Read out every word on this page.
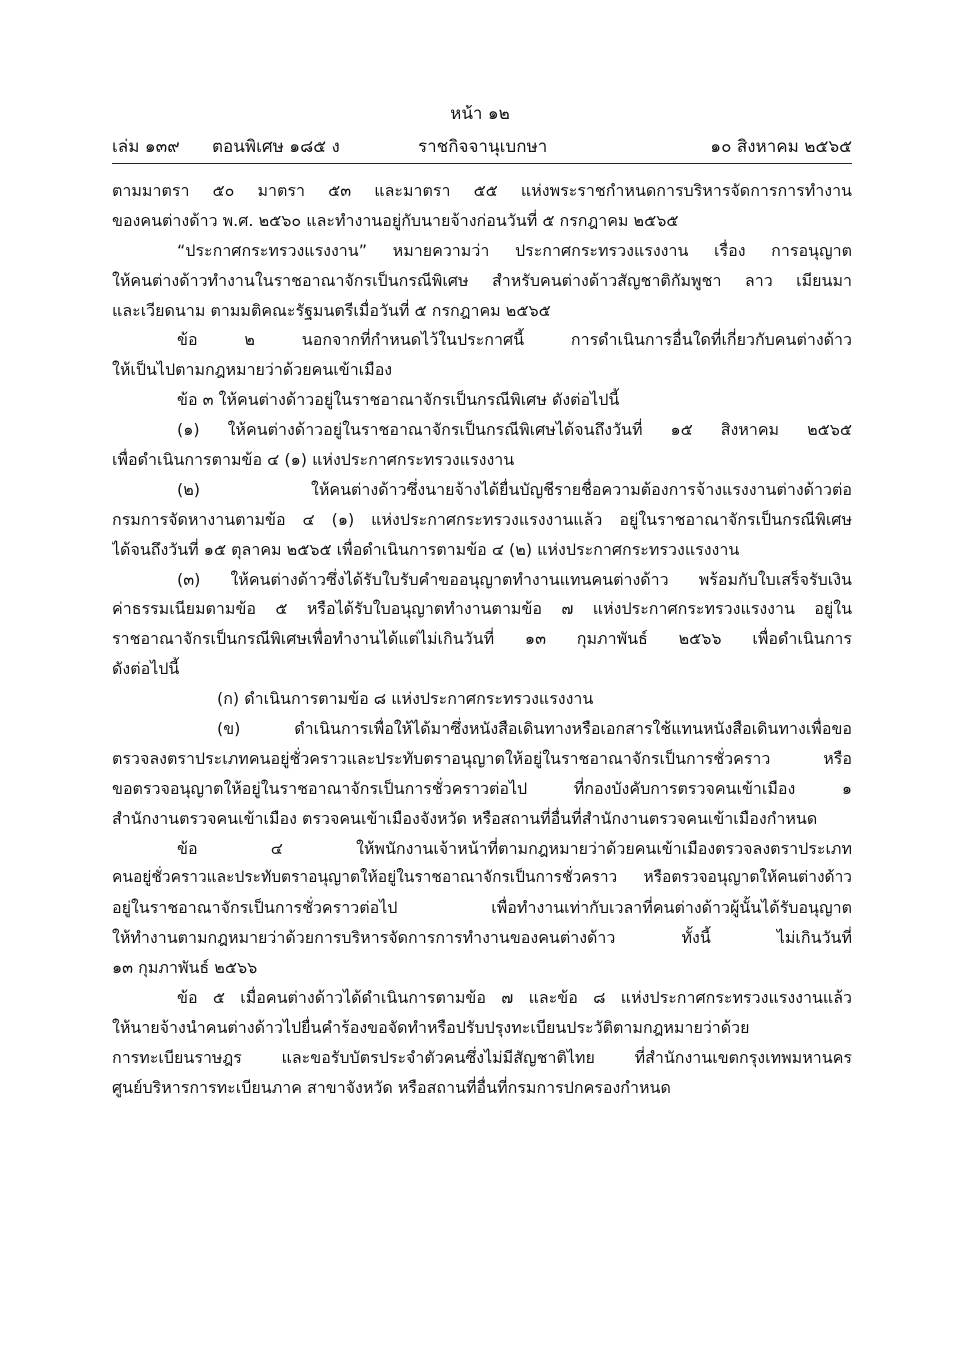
หน้า ๑๒
เล่ม ๑๓๙ ตอนพิเศษ ๑๘๕ ง	ราชกิจจานุเบกษา	๑๐ สิงหาคม ๒๕๖๕
ตามมาตรา ๕๐ มาตรา ๕๓ และมาตรา ๕๕ แห่งพระราชกำหนดการบริหารจัดการการทำงาน
ของคนต่างด้าว พ.ศ. ๒๕๖๐ และทำงานอยู่กับนายจ้างก่อนวันที่ ๕ กรกฎาคม ๒๕๖๕
“ประกาศกระทรวงแรงงาน” หมายความว่า ประกาศกระทรวงแรงงาน เรื่อง การอนุญาต
ให้คนต่างด้าวทำงานในราชอาณาจักรเป็นกรณีพิเศษ สำหรับคนต่างด้าวสัญชาติกัมพูชา ลาว เมียนมา
และเวียดนาม ตามมติคณะรัฐมนตรีเมื่อวันที่ ๕ กรกฎาคม ๒๕๖๕
ข้อ ๒ นอกจากที่กำหนดไว้ในประกาศนี้ การดำเนินการอื่นใดที่เกี่ยวกับคนต่างด้าว
ให้เป็นไปตามกฎหมายว่าด้วยคนเข้าเมือง
ข้อ ๓ ให้คนต่างด้าวอยู่ในราชอาณาจักรเป็นกรณีพิเศษ ดังต่อไปนี้
(๑) ให้คนต่างด้าวอยู่ในราชอาณาจักรเป็นกรณีพิเศษได้จนถึงวันที่ ๑๕ สิงหาคม ๒๕๖๕
เพื่อดำเนินการตามข้อ ๔ (๑) แห่งประกาศกระทรวงแรงงาน
(๒) ให้คนต่างด้าวซึ่งนายจ้างได้ยื่นบัญชีรายชื่อความต้องการจ้างแรงงานต่างด้าวต่อ
กรมการจัดหางานตามข้อ ๔ (๑) แห่งประกาศกระทรวงแรงงานแล้ว อยู่ในราชอาณาจักรเป็นกรณีพิเศษ
ได้จนถึงวันที่ ๑๕ ตุลาคม ๒๕๖๕ เพื่อดำเนินการตามข้อ ๔ (๒) แห่งประกาศกระทรวงแรงงาน
(๓) ให้คนต่างด้าวซึ่งได้รับใบรับคำขออนุญาตทำงานแทนคนต่างด้าว พร้อมกับใบเสร็จรับเงิน
ค่าธรรมเนียมตามข้อ ๕ หรือได้รับใบอนุญาตทำงานตามข้อ ๗ แห่งประกาศกระทรวงแรงงาน อยู่ใน
ราชอาณาจักรเป็นกรณีพิเศษเพื่อทำงานได้แต่ไม่เกินวันที่ ๑๓ กุมภาพันธ์ ๒๕๖๖ เพื่อดำเนินการ
ดังต่อไปนี้
(ก) ดำเนินการตามข้อ ๘ แห่งประกาศกระทรวงแรงงาน
(ข) ดำเนินการเพื่อให้ได้มาซึ่งหนังสือเดินทางหรือเอกสารใช้แทนหนังสือเดินทางเพื่อขอ
ตรวจลงตราประเภทคนอยู่ชั่วคราวและประทับตราอนุญาตให้อยู่ในราชอาณาจักรเป็นการชั่วคราว หรือ
ขอตรวจอนุญาตให้อยู่ในราชอาณาจักรเป็นการชั่วคราวต่อไป ที่กองบังคับการตรวจคนเข้าเมือง ๑
สำนักงานตรวจคนเข้าเมือง ตรวจคนเข้าเมืองจังหวัด หรือสถานที่อื่นที่สำนักงานตรวจคนเข้าเมืองกำหนด
ข้อ ๔ ให้พนักงานเจ้าหน้าที่ตามกฎหมายว่าด้วยคนเข้าเมืองตรวจลงตราประเภท
คนอยู่ชั่วคราวและประทับตราอนุญาตให้อยู่ในราชอาณาจักรเป็นการชั่วคราว หรือตรวจอนุญาตให้คนต่างด้าว
อยู่ในราชอาณาจักรเป็นการชั่วคราวต่อไป เพื่อทำงานเท่ากับเวลาที่คนต่างด้าวผู้นั้นได้รับอนุญาต
ให้ทำงานตามกฎหมายว่าด้วยการบริหารจัดการการทำงานของคนต่างด้าว ทั้งนี้ ไม่เกินวันที่
๑๓ กุมภาพันธ์ ๒๕๖๖
ข้อ ๕ เมื่อคนต่างด้าวได้ดำเนินการตามข้อ ๗ และข้อ ๘ แห่งประกาศกระทรวงแรงงานแล้ว
ให้นายจ้างนำคนต่างด้าวไปยื่นคำร้องขอจัดทำหรือปรับปรุงทะเบียนประวัติตามกฎหมายว่าด้วย
การทะเบียนราษฎร และขอรับบัตรประจำตัวคนซึ่งไม่มีสัญชาติไทย ที่สำนักงานเขตกรุงเทพมหานคร
ศูนย์บริหารการทะเบียนภาค สาขาจังหวัด หรือสถานที่อื่นที่กรมการปกครองกำหนด
